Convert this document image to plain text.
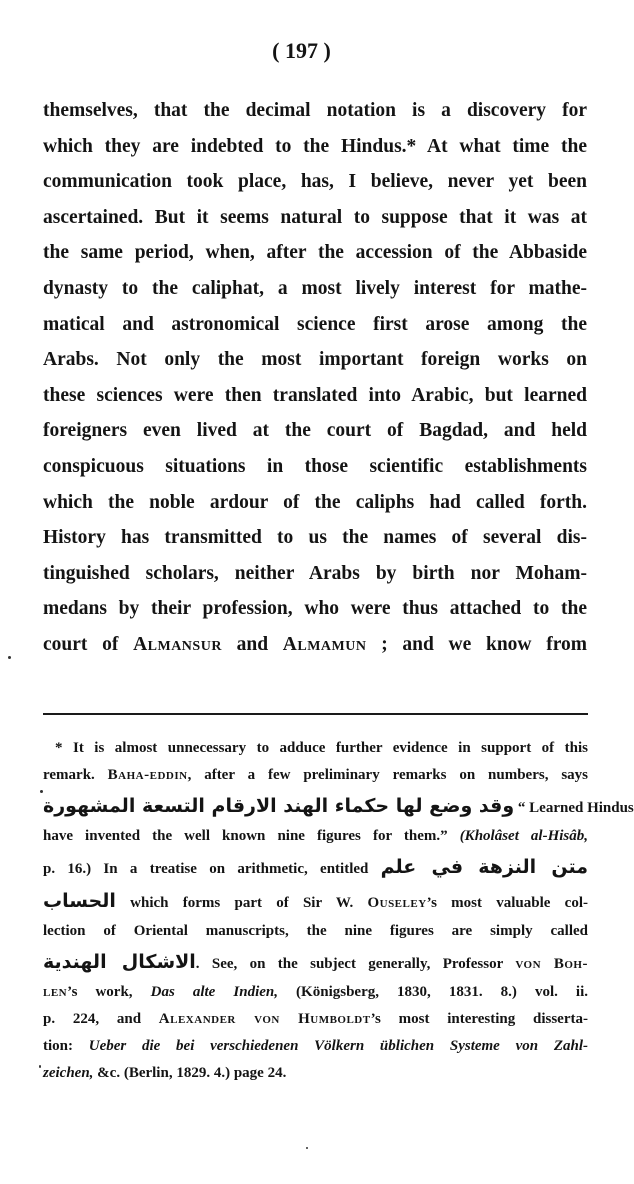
( 197 )
themselves, that the decimal notation is a discovery for
which they are indebted to the Hindus.* At what time the
communication took place, has, I believe, never yet been
ascertained. But it seems natural to suppose that it was at
the same period, when, after the accession of the Abbaside
dynasty to the caliphat, a most lively interest for mathe-
matical and astronomical science first arose among the
Arabs. Not only the most important foreign works on
these sciences were then translated into Arabic, but learned
foreigners even lived at the court of Bagdad, and held
conspicuous situations in those scientific establishments
which the noble ardour of the caliphs had called forth.
History has transmitted to us the names of several dis-
tinguished scholars, neither Arabs by birth nor Moham-
medans by their profession, who were thus attached to the
court of Almansur and Almamun ; and we know from
* It is almost unnecessary to adduce further evidence in support of this
remark. Baha-eddin, after a few preliminary remarks on numbers, says
وقد وضع لها حكماء الهند الارقام التسعة المشهورة “ Learned Hindus
have invented the well known nine figures for them.” (Kholâset al-Hisâb,
p. 16.) In a treatise on arithmetic, entitled متن النزهة في علم
الحساب which forms part of Sir W. Ouseley’s most valuable col-
lection of Oriental manuscripts, the nine figures are simply called
الاشكال الهندية. See, on the subject generally, Professor von Boh-
len’s work, Das alte Indien, (Königsberg, 1830, 1831. 8.) vol. ii.
p. 224, and Alexander von Humboldt’s most interesting disserta-
tion: Ueber die bei verschiedenen Völkern üblichen Systeme von Zahl-
zeichen, &c. (Berlin, 1829. 4.) page 24.
